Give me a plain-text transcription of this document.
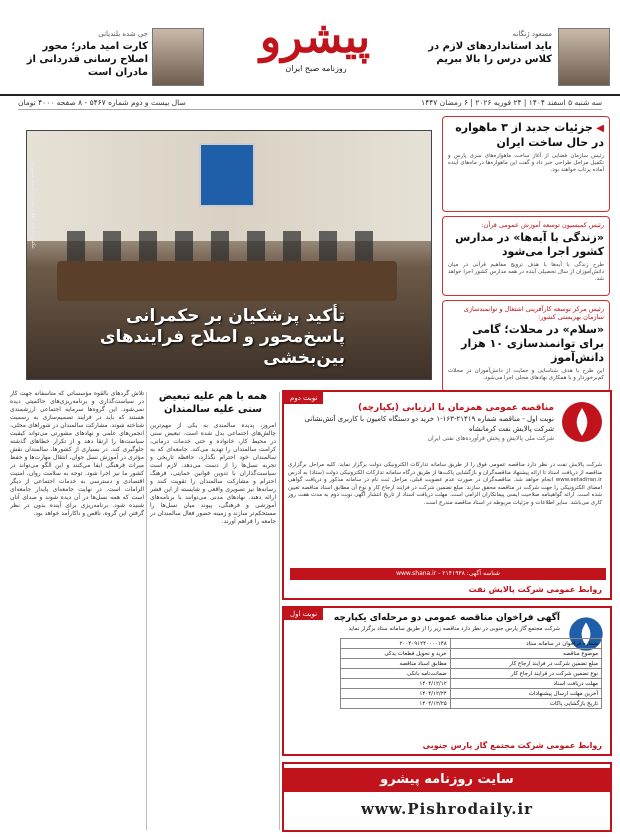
جی شده بلندیانی
کارت امید مادر؛ محور اصلاح رسانی قدردانی از مادران است
پیشرو
روزنامه صبح ایران
مسعود ژنگانه
باید استانداردهای لازم در کلاس درس را بالا ببریم
سه شنبه ۵ اسفند ۱۴۰۴ | ۲۴ فوریه ۲۰۲۶ | ۶ رمضان ۱۴۴۷
سال بیست و دوم شماره ۵۴۶۷ - ۸ صفحه ۴۰۰۰ تومان
◀ جزئیات جدید از ۳ ماهواره در حال ساخت ایران

رئیس سازمان فضایی از آغاز ساخت ماهواره‌های سری پارس و تکمیل مراحل طراحی خبر داد و گفت این ماهواره‌ها در ماه‌های آینده آماده پرتاب خواهند بود.

رئیس کمیسیون توسعه آموزش عمومی قرآن:
«زندگی با آیه‌ها» در مدارس کشور اجرا می‌شود

طرح زندگی با آیه‌ها با هدف ترویج مفاهیم قرآنی در میان دانش‌آموزان از سال تحصیلی آینده در همه مدارس کشور اجرا خواهد شد.

رئیس مرکز توسعه کارآفرینی اشتغال و توانمندسازی سازمان بهزیستی کشور:
«سلام» در محلات؛ گامی برای توانمندسازی ۱۰ هزار دانش‌آموز

این طرح با هدف شناسایی و حمایت از دانش‌آموزان در محلات کم‌برخوردار و با همکاری نهادهای محلی اجرا می‌شود.

عکس: پایگاه اطلاع‌رسانی ریاست جمهوری
تأکید پزشکیان بر حکمرانی پاسخ‌محور و اصلاح فرایندهای بین‌بخشی
تلاش گردهای بالقوه مؤسساتی که متأسفانه جهت کار در سیاست‌گذاری و برنامه‌ریزی‌های حاکمیتی دیده نمی‌شود. این گروه‌ها سرمایه اجتماعی ارزشمندی هستند که باید در فرایند تصمیم‌سازی به رسمیت شناخته شوند. مشارکت سالمندان در شوراهای محلی، انجمن‌های علمی و نهادهای مشورتی می‌تواند کیفیت سیاست‌ها را ارتقا دهد و از تکرار خطاهای گذشته جلوگیری کند. در بسیاری از کشورها، سالمندان نقش مؤثری در آموزش نسل جوان، انتقال مهارت‌ها و حفظ میراث فرهنگی ایفا می‌کنند و این الگو می‌تواند در کشور ما نیز اجرا شود. توجه به سلامت روان، امنیت اقتصادی و دسترسی به خدمات اجتماعی از دیگر الزامات است. در نهایت جامعه‌ای پایدار جامعه‌ای است که همه نسل‌ها در آن دیده شوند و صدای آنان شنیده شود. برنامه‌ریزی برای آینده بدون در نظر گرفتن این گروه، ناقص و ناکارآمد خواهد بود.
همه با هم علیه تبعیض سنی علیه سالمندان
امروز، پدیده سالمندی به یکی از مهم‌ترین چالش‌های اجتماعی بدل شده است. تبعیض سنی در محیط کار، خانواده و حتی خدمات درمانی، کرامت سالمندان را تهدید می‌کند. جامعه‌ای که به سالمندان خود احترام نگذارد، حافظه تاریخی و تجربه نسل‌ها را از دست می‌دهد. لازم است سیاست‌گذاران با تدوین قوانین حمایتی، فرهنگ احترام و مشارکت سالمندان را تقویت کنند و رسانه‌ها نیز تصویری واقعی و شایسته از این قشر ارائه دهند. نهادهای مدنی می‌توانند با برنامه‌های آموزشی و فرهنگی، پیوند میان نسل‌ها را مستحکم‌تر سازند و زمینه حضور فعال سالمندان در جامعه را فراهم آورند.
نوبت دوم
مناقصه عمومی همزمان با ارزیابی (یکپارچه)
نوبت اول - مناقصه شماره ۲۱۴۱۹-۱۶۳-۱ خرید دو دستگاه کامیون با کاربری آتش‌نشانی شرکت پالایش نفت کرمانشاه
شرکت ملی پالایش و پخش فرآورده‌های نفتی ایران
شرکت پالایش نفت در نظر دارد مناقصه عمومی فوق را از طریق سامانه تدارکات الکترونیکی دولت برگزار نماید. کلیه مراحل برگزاری مناقصه از دریافت اسناد تا ارائه پیشنهاد مناقصه‌گران و بازگشایی پاکت‌ها از طریق درگاه سامانه تدارکات الکترونیکی دولت (ستاد) به آدرس www.setadiran.ir انجام خواهد شد. مناقصه‌گران در صورت عدم عضویت قبلی، مراحل ثبت نام در سامانه مذکور و دریافت گواهی امضای الکترونیکی را جهت شرکت در مناقصه محقق سازند. مبلغ تضمین شرکت در فرایند ارجاع کار و نوع آن مطابق اسناد مناقصه تعیین شده است. ارائه گواهینامه صلاحیت ایمنی پیمانکاران الزامی است. مهلت دریافت اسناد از تاریخ انتشار آگهی نوبت دوم به مدت هفت روز کاری می‌باشد. سایر اطلاعات و جزئیات مربوطه در اسناد مناقصه مندرج است.
شناسه آگهی: ۲۱۴۱۹۳۸ - www.shana.ir
روابط عمومی شرکت پالایش نفت
نوبت اول	آگهی فراخوان مناقصه عمومی دو مرحله‌ای یکپارچه
شرکت مجتمع گاز پارس جنوبی در نظر دارد مناقصه زیر را از طریق سامانه ستاد برگزار نماید
شماره فراخوان در سامانه ستاد	۲۰۰۴۰۹۱۲۴۰۰۰۰۱۴۸
موضوع مناقصه	خرید و تحویل قطعات یدکی
مبلغ تضمین شرکت در فرایند ارجاع کار	مطابق اسناد مناقصه
نوع تضمین شرکت در فرایند ارجاع کار	ضمانت‌نامه بانکی
مهلت دریافت اسناد	۱۴۰۴/۱۲/۱۲
آخرین مهلت ارسال پیشنهادات	۱۴۰۴/۱۲/۲۴
تاریخ بازگشایی پاکات	۱۴۰۴/۱۲/۲۵
روابط عمومی شرکت مجتمع گاز پارس جنوبی
سایت روزنامه پیشرو
www.Pishrodaily.ir
